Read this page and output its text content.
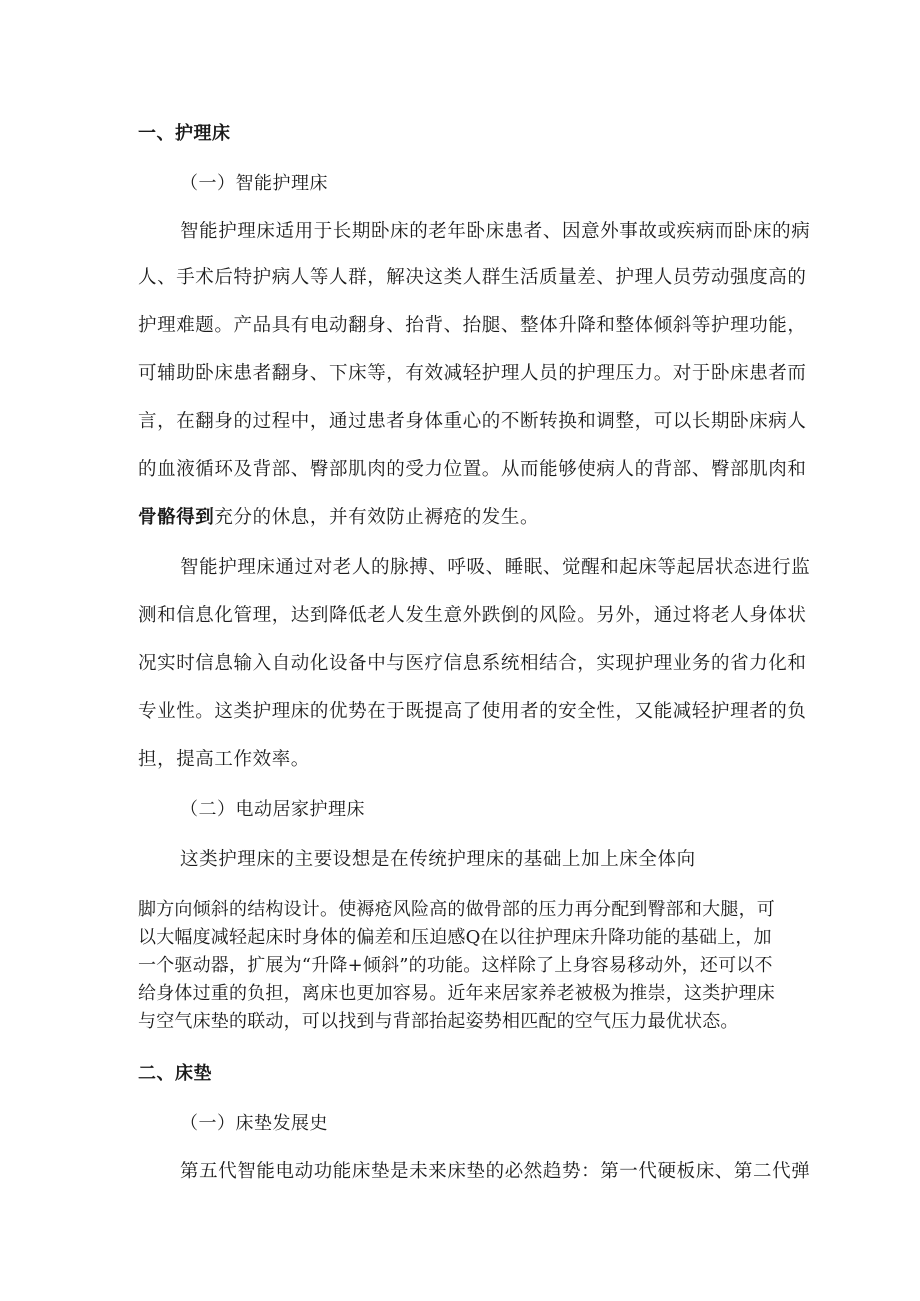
一、护理床
（一）智能护理床
智能护理床适用于长期卧床的老年卧床患者、因意外事故或疾病而卧床的病
人、手术后特护病人等人群，解决这类人群生活质量差、护理人员劳动强度高的
护理难题。产品具有电动翻身、抬背、抬腿、整体升降和整体倾斜等护理功能，
可辅助卧床患者翻身、下床等，有效减轻护理人员的护理压力。对于卧床患者而
言，在翻身的过程中，通过患者身体重心的不断转换和调整，可以长期卧床病人
的血液循环及背部、臀部肌肉的受力位置。从而能够使病人的背部、臀部肌肉和
骨骼得到充分的休息，并有效防止褥疮的发生。
智能护理床通过对老人的脉搏、呼吸、睡眠、觉醒和起床等起居状态进行监
测和信息化管理，达到降低老人发生意外跌倒的风险。另外，通过将老人身体状
况实时信息输入自动化设备中与医疗信息系统相结合，实现护理业务的省力化和
专业性。这类护理床的优势在于既提高了使用者的安全性，又能减轻护理者的负
担，提高工作效率。
（二）电动居家护理床
这类护理床的主要设想是在传统护理床的基础上加上床全体向
脚方向倾斜的结构设计。使褥疮风险高的做骨部的压力再分配到臀部和大腿，可
以大幅度减轻起床时身体的偏差和压迫感Q在以往护理床升降功能的基础上，加
一个驱动器，扩展为“升降+倾斜”的功能。这样除了上身容易移动外，还可以不
给身体过重的负担，离床也更加容易。近年来居家养老被极为推崇，这类护理床
与空气床垫的联动，可以找到与背部抬起姿势相匹配的空气压力最优状态。
二、床垫
（一）床垫发展史
第五代智能电动功能床垫是未来床垫的必然趋势：第一代硬板床、第二代弹
